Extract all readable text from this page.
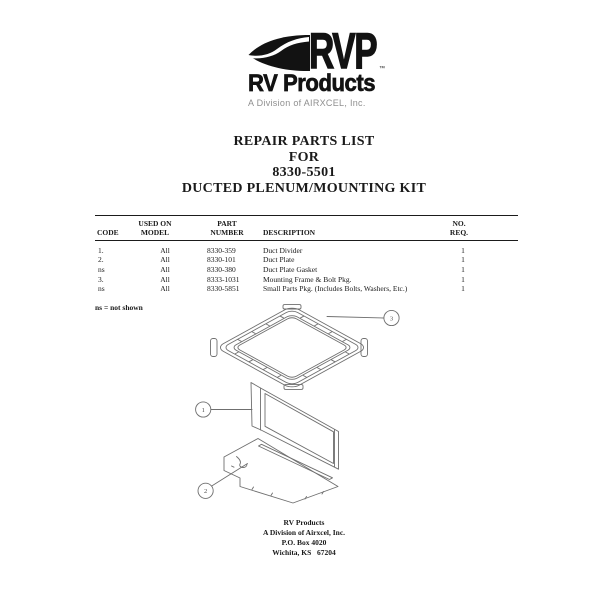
RVP ™
RV Products
A Division of AIRXCEL, Inc.
REPAIR PARTS LIST
FOR
8330-5501
DUCTED PLENUM/MOUNTING KIT
USED ON	PART	NO.
CODE	MODEL	NUMBER	DESCRIPTION	REQ.
1.	All	8330-359	Duct Divider	1
2.	All	8330-101	Duct Plate	1
ns	All	8330-380	Duct Plate Gasket	1
3.	All	8333-1031	Mounting Frame & Bolt Pkg.	1
ns	All	8330-5851	Small Parts Pkg. (Includes Bolts, Washers, Etc.)	1
ns = not shown
3
1
2
RV Products
A Division of Airxcel, Inc.
P.O. Box 4020
Wichita, KS   67204
